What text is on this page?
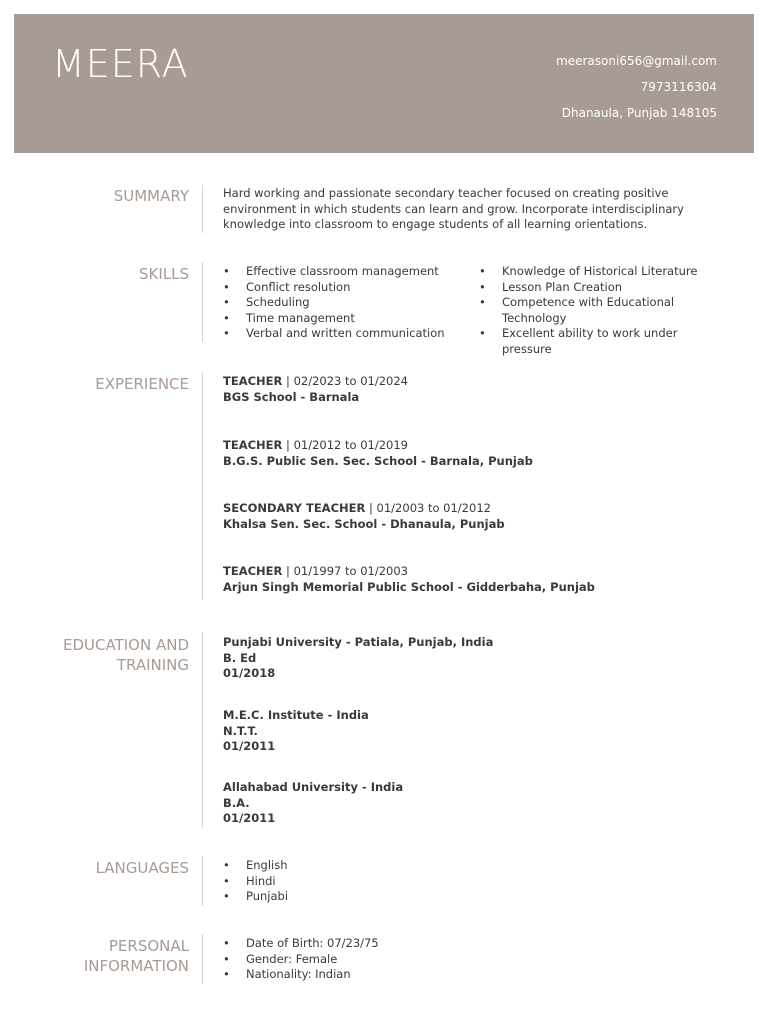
MEERA	meerasoni656@gmail.com
7973116304
Dhanaula, Punjab 148105
SUMMARY	Hard working and passionate secondary teacher focused on creating positive environment in which students can learn and grow. Incorporate interdisciplinary knowledge into classroom to engage students of all learning orientations.

SKILLS	• Effective classroom management
• Conflict resolution
• Scheduling
• Time management
• Verbal and written communication
• Knowledge of Historical Literature
• Lesson Plan Creation
• Competence with Educational Technology
• Excellent ability to work under pressure
EXPERIENCE	TEACHER | 02/2023 to 01/2024
BGS School - Barnala
TEACHER | 01/2012 to 01/2019
B.G.S. Public Sen. Sec. School - Barnala, Punjab
SECONDARY TEACHER | 01/2003 to 01/2012
Khalsa Sen. Sec. School - Dhanaula, Punjab
TEACHER | 01/1997 to 01/2003
Arjun Singh Memorial Public School - Gidderbaha, Punjab
EDUCATION AND
TRAINING
Punjabi University - Patiala, Punjab, India
B. Ed
01/2018
M.E.C. Institute - India
N.T.T.
01/2011
Allahabad University - India
B.A.
01/2011
LANGUAGES	• English
• Hindi
• Punjabi
PERSONAL
INFORMATION
• Date of Birth: 07/23/75
• Gender: Female
• Nationality: Indian
